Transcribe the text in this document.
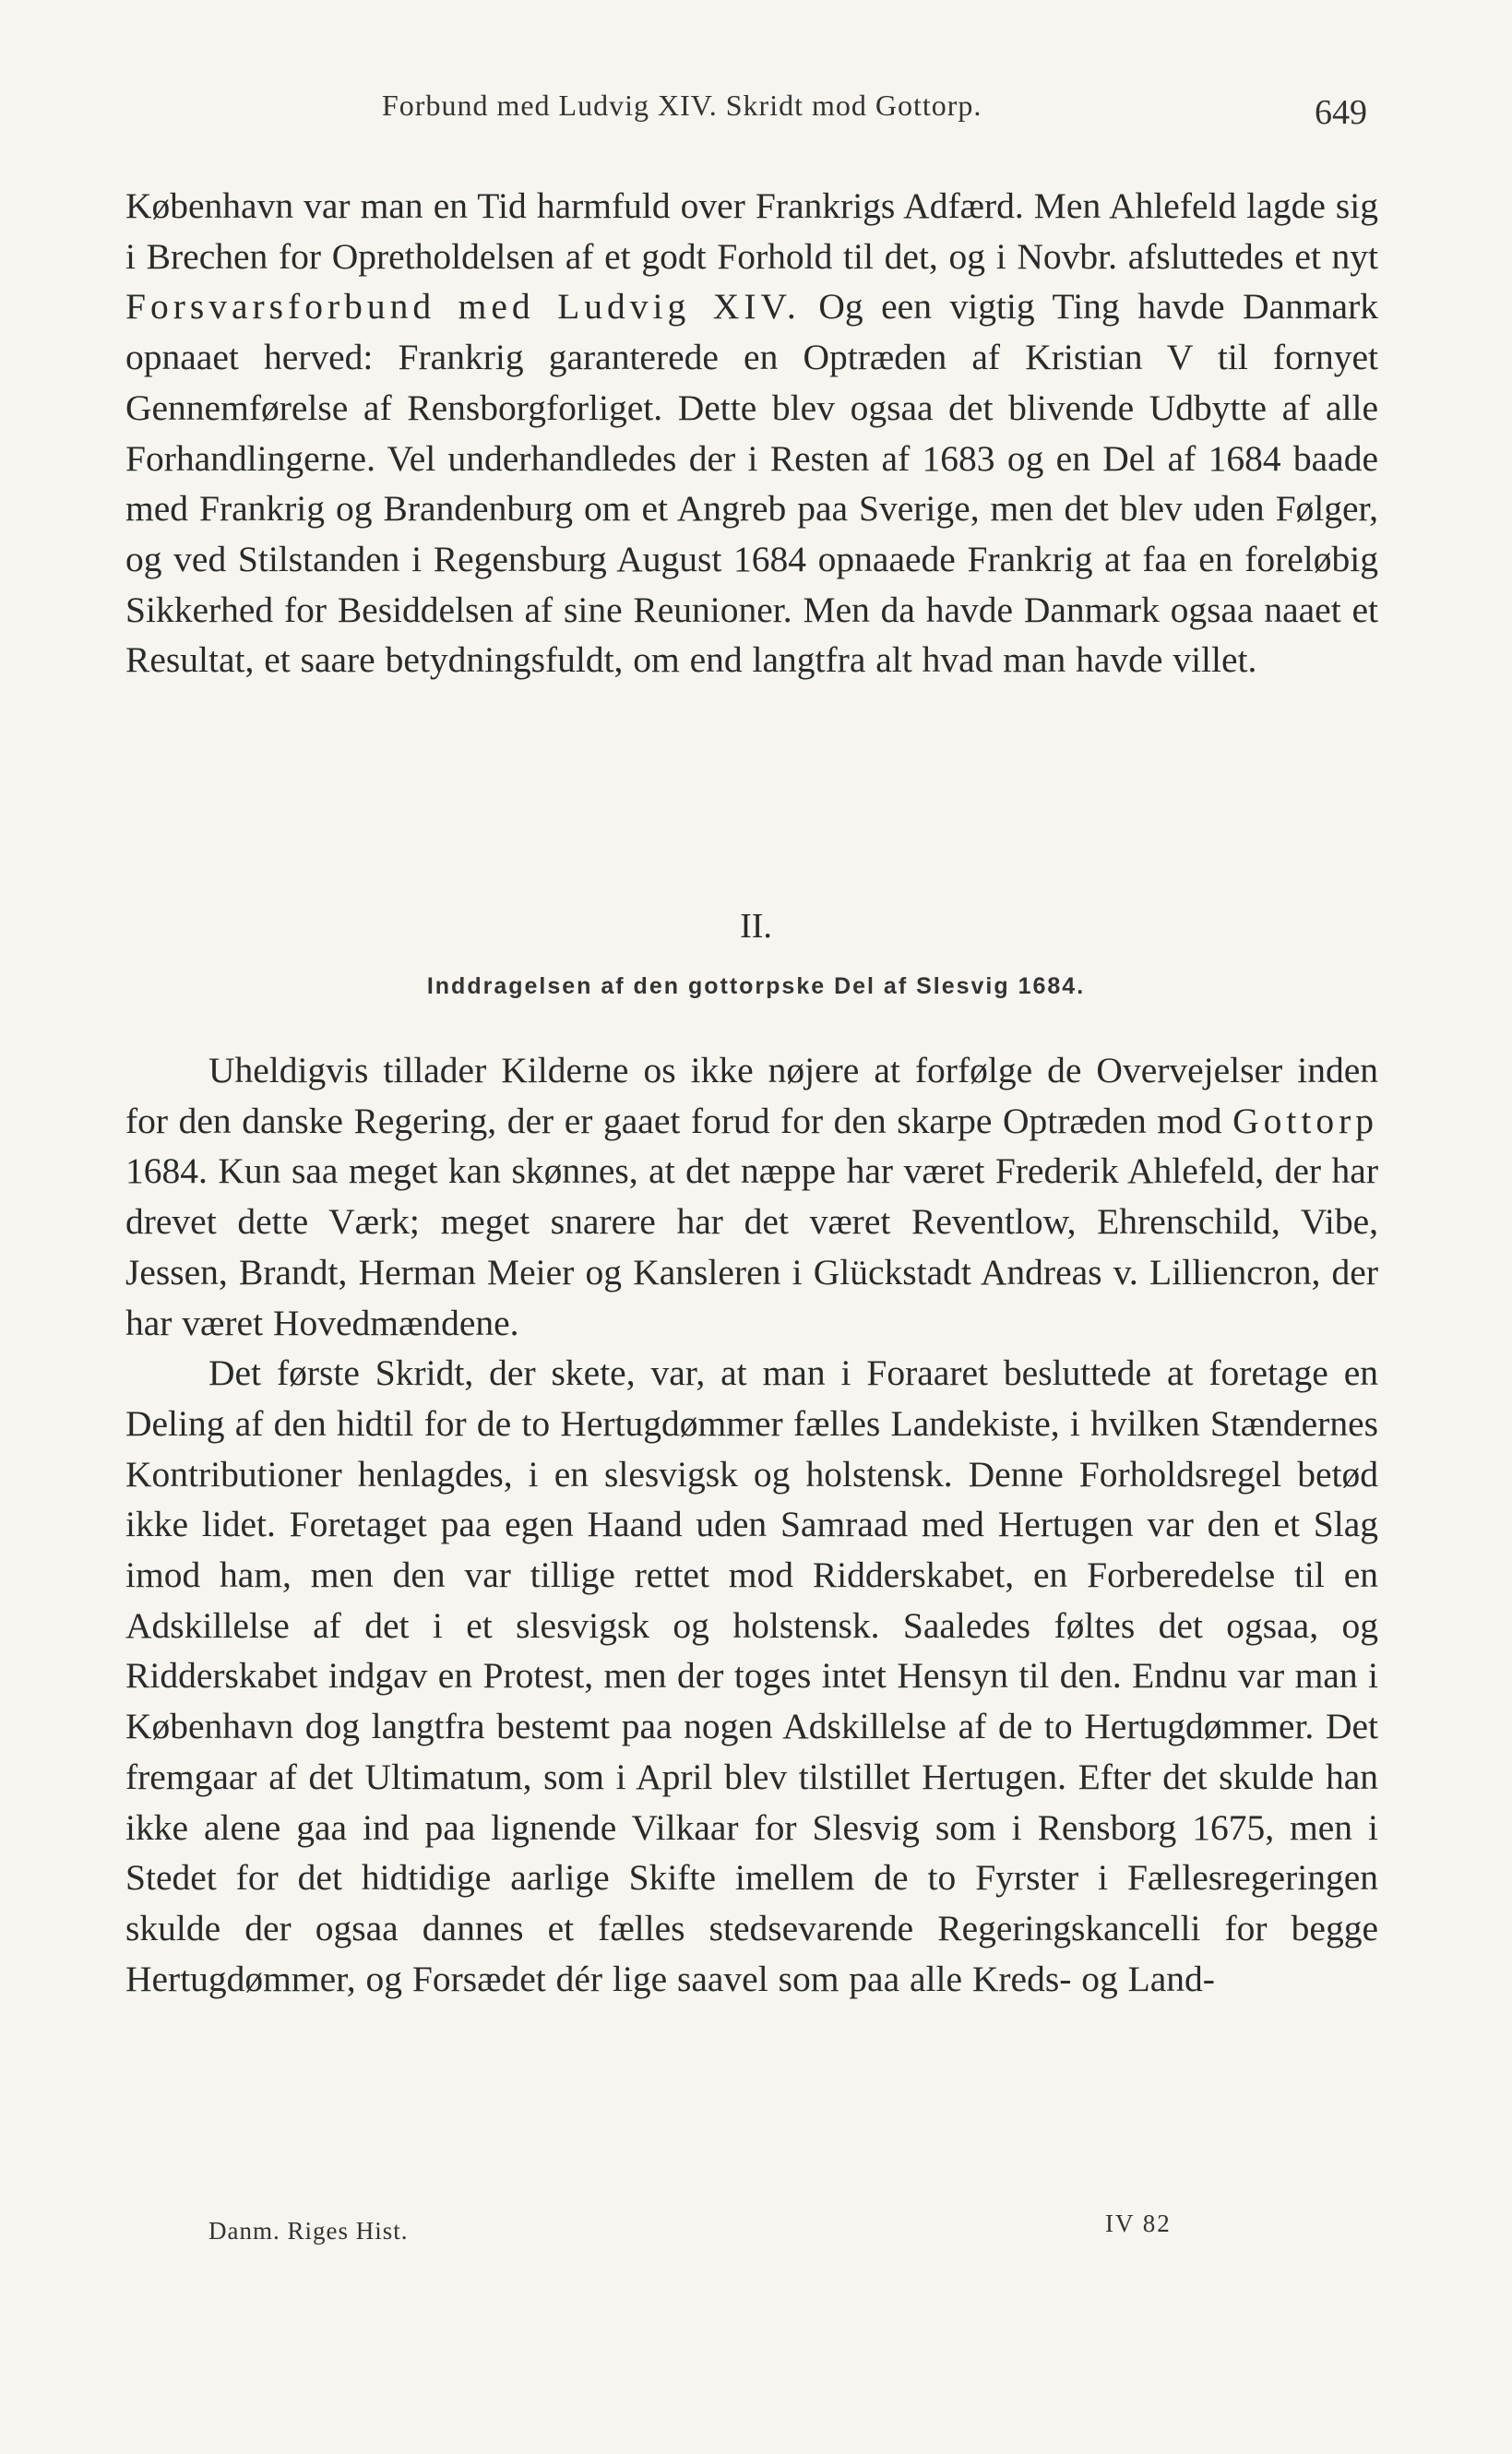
Forbund med Ludvig XIV. Skridt mod Gottorp.	649

København var man en Tid harmfuld over Frankrigs Adfærd. Men Ahlefeld lagde sig i Brechen for Opretholdelsen af et godt Forhold til det, og i Novbr. afsluttedes et nyt Forsvarsforbund med Ludvig XIV. Og een vigtig Ting havde Danmark opnaaet herved: Frankrig garanterede en Optræden af Kristian V til fornyet Gennemførelse af Rensborgforliget. Dette blev ogsaa det blivende Udbytte af alle Forhandlingerne. Vel underhandledes der i Resten af 1683 og en Del af 1684 baade med Frankrig og Brandenburg om et Angreb paa Sverige, men det blev uden Følger, og ved Stilstanden i Regensburg August 1684 opnaaede Frankrig at faa en foreløbig Sikkerhed for Besiddelsen af sine Reunioner. Men da havde Danmark ogsaa naaet et Resultat, et saare betydningsfuldt, om end langtfra alt hvad man havde villet.

II.
Inddragelsen af den gottorpske Del af Slesvig 1684.

Uheldigvis tillader Kilderne os ikke nøjere at forfølge de Overvejelser inden for den danske Regering, der er gaaet forud for den skarpe Optræden mod Gottorp 1684. Kun saa meget kan skønnes, at det næppe har været Frederik Ahlefeld, der har drevet dette Værk; meget snarere har det været Reventlow, Ehrenschild, Vibe, Jessen, Brandt, Herman Meier og Kansleren i Glückstadt Andreas v. Lilliencron, der har været Hovedmændene.

Det første Skridt, der skete, var, at man i Foraaret besluttede at foretage en Deling af den hidtil for de to Hertugdømmer fælles Landekiste, i hvilken Stændernes Kontributioner henlagdes, i en slesvigsk og holstensk. Denne Forholdsregel betød ikke lidet. Foretaget paa egen Haand uden Samraad med Hertugen var den et Slag imod ham, men den var tillige rettet mod Ridderskabet, en Forberedelse til en Adskillelse af det i et slesvigsk og holstensk. Saaledes føltes det ogsaa, og Ridderskabet indgav en Protest, men der toges intet Hensyn til den. Endnu var man i København dog langtfra bestemt paa nogen Adskillelse af de to Hertugdømmer. Det fremgaar af det Ultimatum, som i April blev tilstillet Hertugen. Efter det skulde han ikke alene gaa ind paa lignende Vilkaar for Slesvig som i Rensborg 1675, men i Stedet for det hidtidige aarlige Skifte imellem de to Fyrster i Fællesregeringen skulde der ogsaa dannes et fælles stedsevarende Regeringskancelli for begge Hertugdømmer, og Forsædet dér lige saavel som paa alle Kreds- og Land-

Danm. Riges Hist.	IV 82
